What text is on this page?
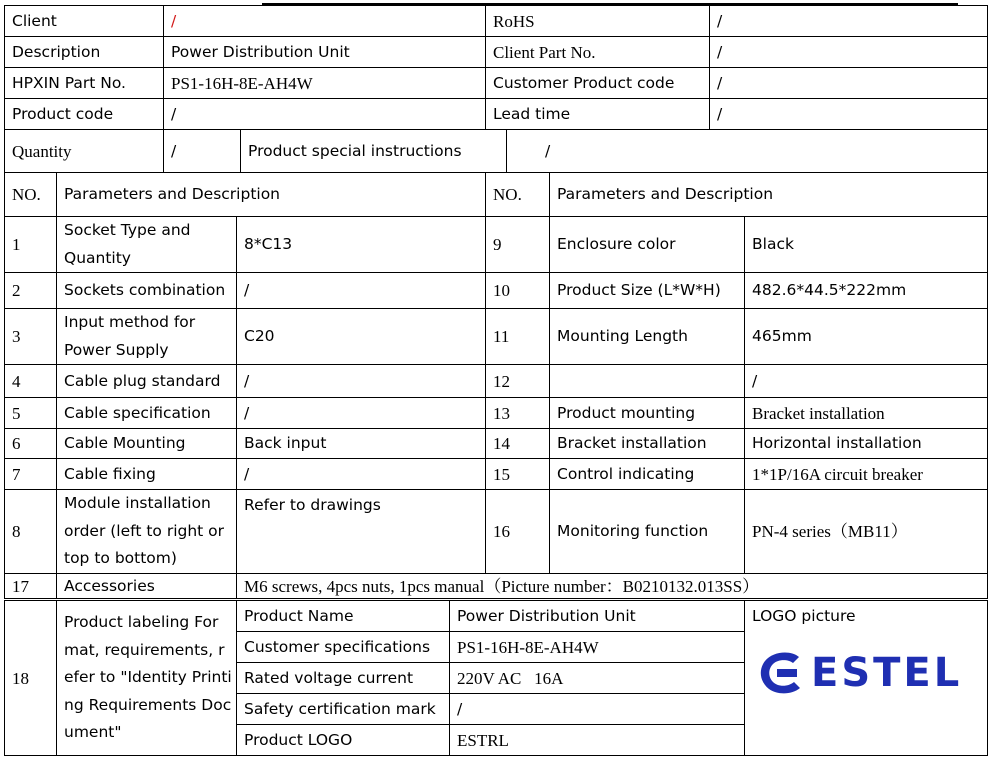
Client	/	RoHS	/
Description	Power Distribution Unit	Client Part No.	/
HPXIN Part No.	PS1-16H-8E-AH4W	Customer Product code	/
Product code	/	Lead time	/
Quantity	/	Product special instructions	/
NO.	Parameters and Description		NO.	Parameters and Description	
1	Socket Type and Quantity	8*C13	9	Enclosure color	Black
2	Sockets combination	/	10	Product Size (L*W*H)	482.6*44.5*222mm
3	Input method for Power Supply	C20	11	Mounting Length	465mm
4	Cable plug standard	/	12		/
5	Cable specification	/	13	Product mounting	Bracket installation
6	Cable Mounting	Back input	14	Bracket installation	Horizontal installation
7	Cable fixing	/	15	Control indicating	1*1P/16A circuit breaker
8	Module installation order (left to right or top to bottom)	Refer to drawings	16	Monitoring function	PN-4 series（MB11）
17	Accessories	M6 screws, 4pcs nuts, 1pcs manual（Picture number：B0210132.013SS）			
18	Product labeling Format, requirements, refer to "Identity Printing Requirements Document"	Product Name	Power Distribution Unit	LOGO picture
ESTEL

		Customer specifications	PS1-16H-8E-AH4W	
		Rated voltage current	220V AC   16A	
		Safety certification mark	/	
		Product LOGO	ESTRL	
